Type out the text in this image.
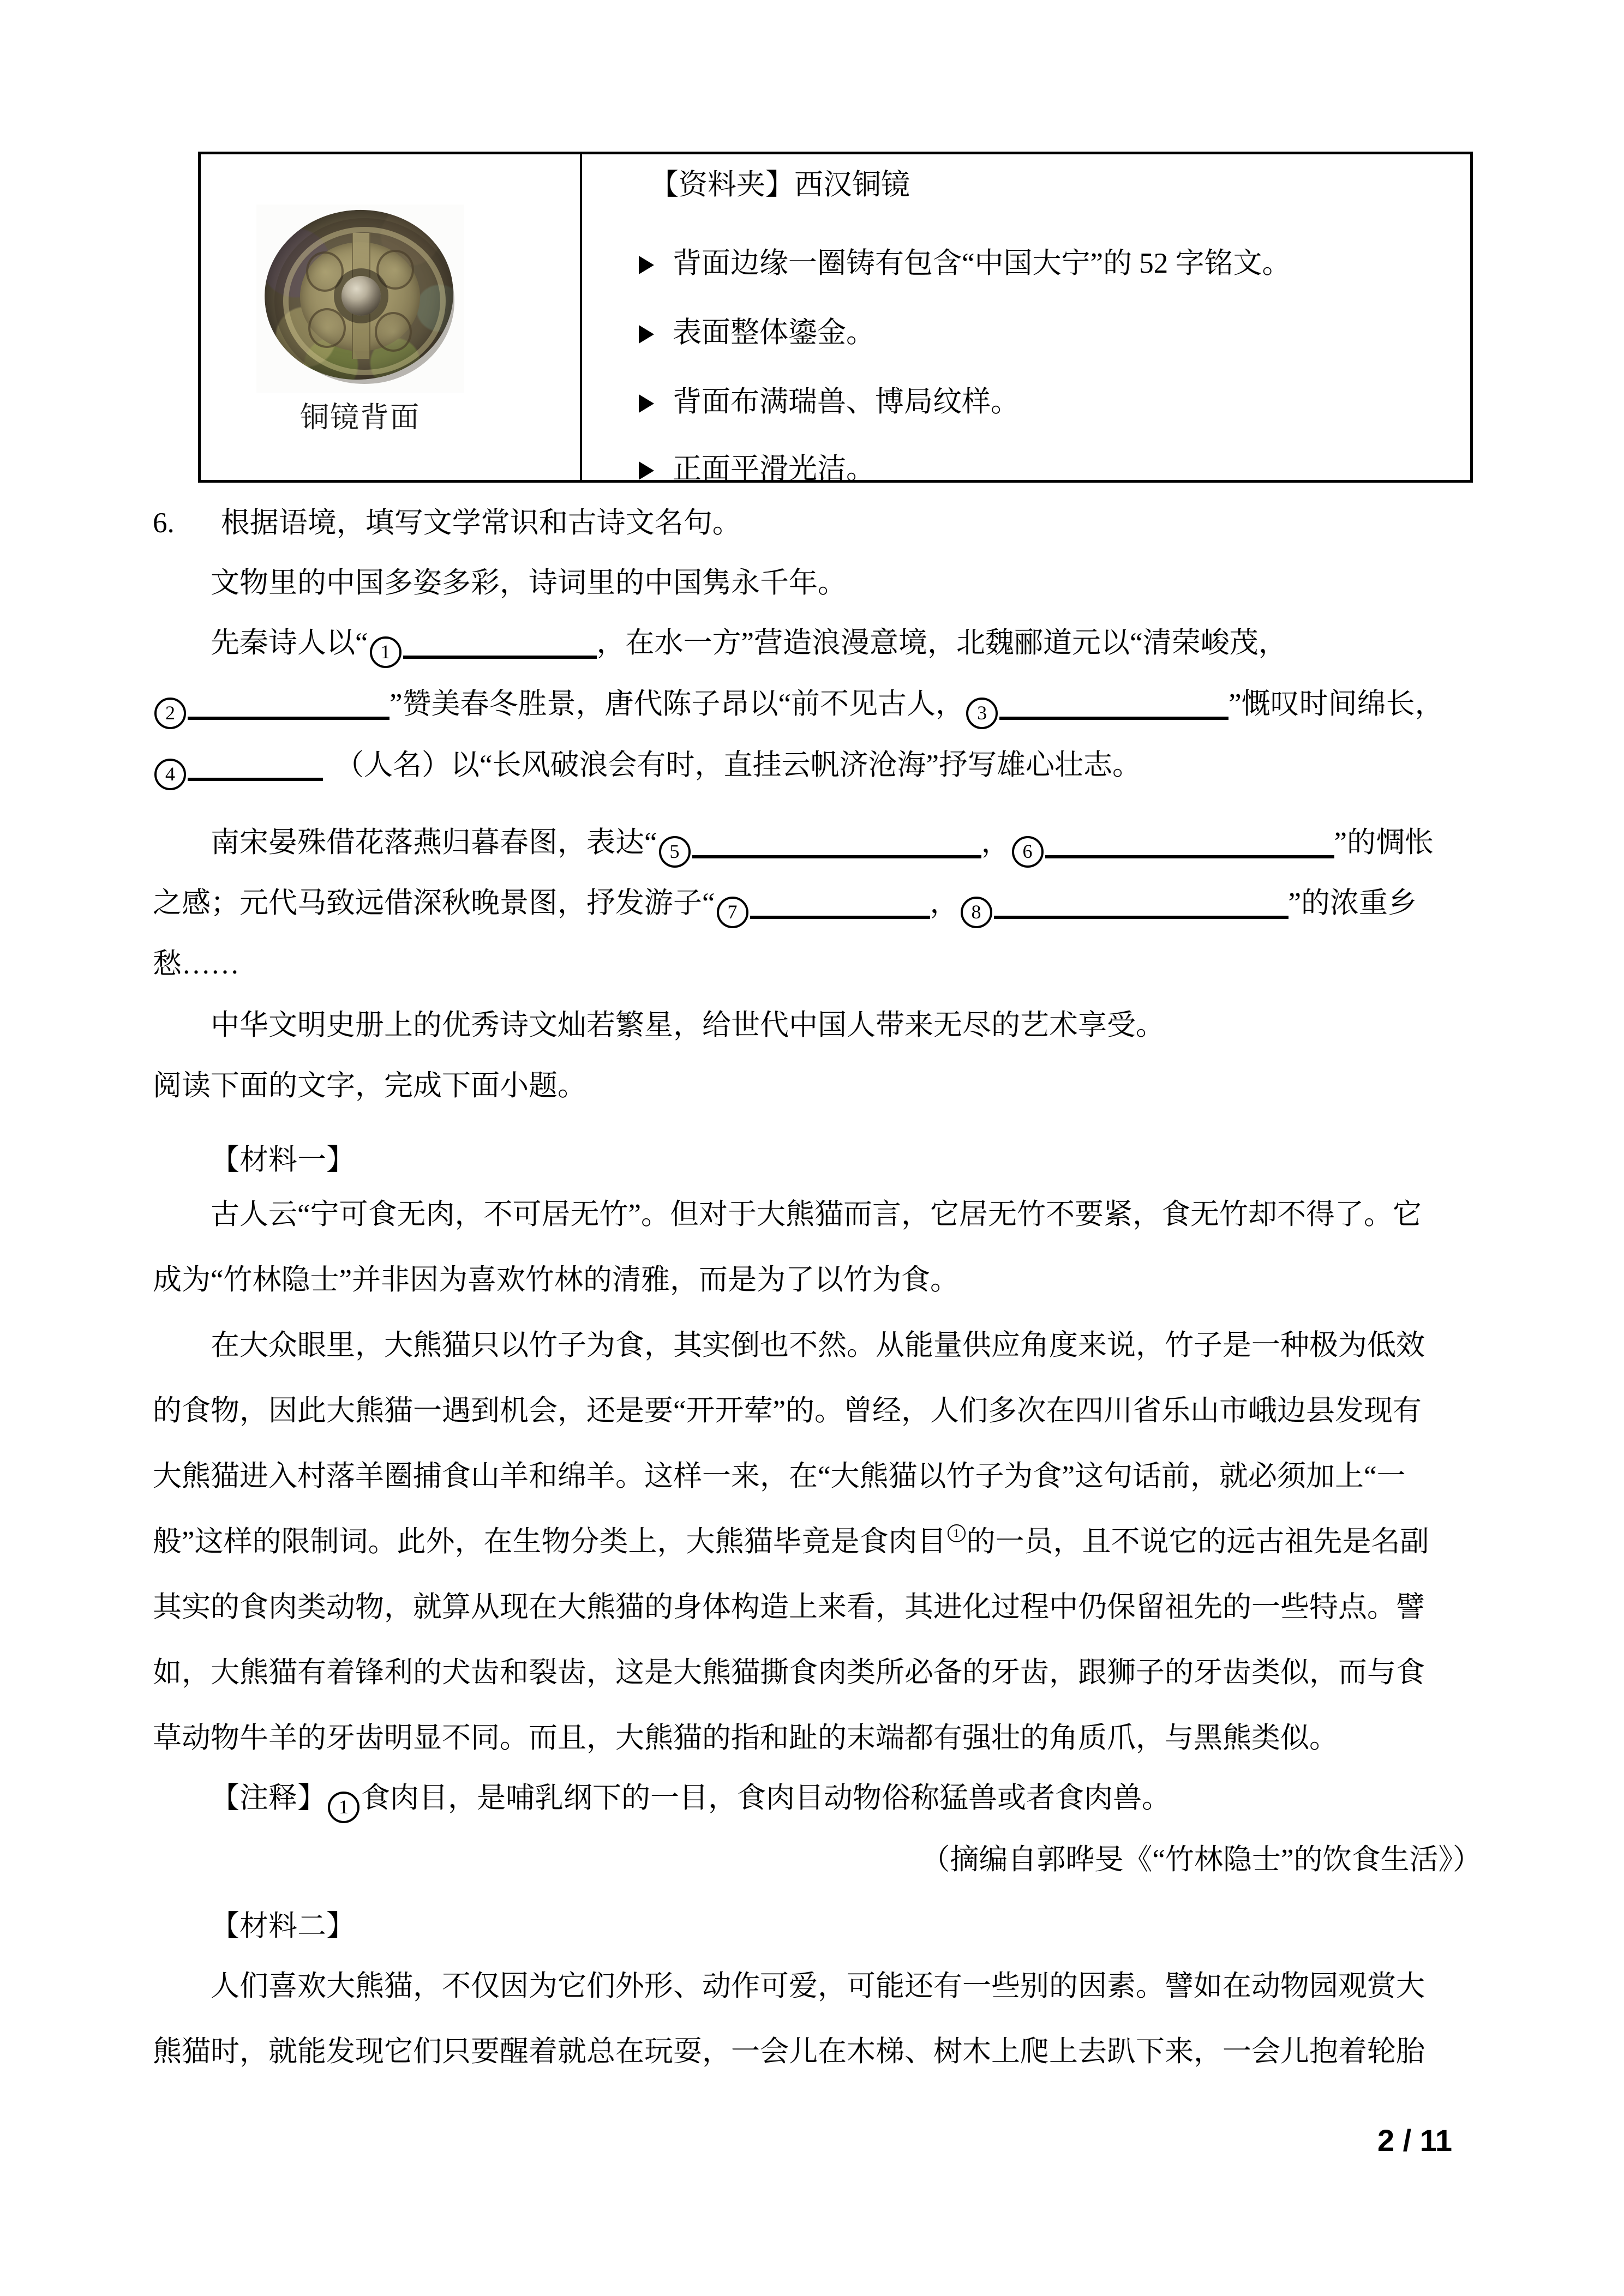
铜镜背面
【资料夹】西汉铜镜
背面边缘一圈铸有包含“中国大宁”的 52 字铭文。
表面整体鎏金。
背面布满瑞兽、博局纹样。
正面平滑光洁。
6. 根据语境，填写文学常识和古诗文名句。
文物里的中国多姿多彩，诗词里的中国隽永千年。
先秦诗人以“ 1	，在水一方”营造浪漫意境，北魏郦道元以“清荣峻茂，
2	”赞美春冬胜景，唐代陈子昂以“前不见古人， 3	”慨叹时间绵长，
4	（人名）以“长风破浪会有时，直挂云帆济沧海”抒写雄心壮志。
南宋晏殊借花落燕归暮春图，表达“ 5	， 6	”的惆怅
之感；元代马致远借深秋晚景图，抒发游子“ 7	， 8	”的浓重乡
愁……
中华文明史册上的优秀诗文灿若繁星，给世代中国人带来无尽的艺术享受。
阅读下面的文字，完成下面小题。
【材料一】
古人云“宁可食无肉，不可居无竹”。但对于大熊猫而言，它居无竹不要紧，食无竹却不得了。它
成为“竹林隐士”并非因为喜欢竹林的清雅，而是为了以竹为食。
在大众眼里，大熊猫只以竹子为食，其实倒也不然。从能量供应角度来说，竹子是一种极为低效
的食物，因此大熊猫一遇到机会，还是要“开开荤”的。曾经，人们多次在四川省乐山市峨边县发现有
大熊猫进入村落羊圈捕食山羊和绵羊。这样一来，在“大熊猫以竹子为食”这句话前，就必须加上“一
般”这样的限制词。此外，在生物分类上，大熊猫毕竟是食肉目 1 的一员，且不说它的远古祖先是名副
其实的食肉类动物，就算从现在大熊猫的身体构造上来看，其进化过程中仍保留祖先的一些特点。譬
如，大熊猫有着锋利的犬齿和裂齿，这是大熊猫撕食肉类所必备的牙齿，跟狮子的牙齿类似，而与食
草动物牛羊的牙齿明显不同。而且，大熊猫的指和趾的末端都有强壮的角质爪，与黑熊类似。
【注释】 1 食肉目，是哺乳纲下的一目，食肉目动物俗称猛兽或者食肉兽。
（摘编自郭晔旻《“竹林隐士”的饮食生活》）
【材料二】
人们喜欢大熊猫，不仅因为它们外形、动作可爱，可能还有一些别的因素。譬如在动物园观赏大
熊猫时，就能发现它们只要醒着就总在玩耍，一会儿在木梯、树木上爬上去趴下来，一会儿抱着轮胎
2 / 11
